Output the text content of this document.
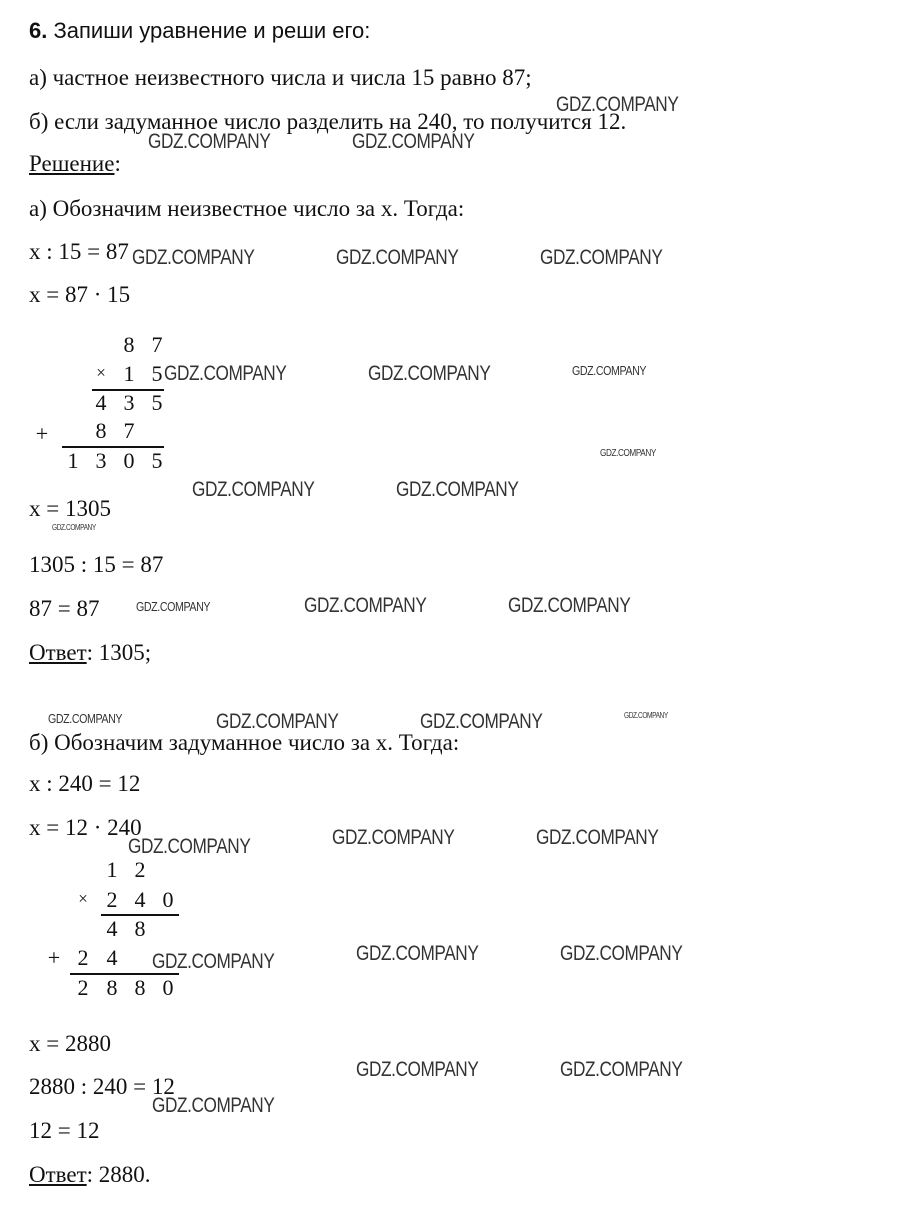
6. Запиши уравнение и реши его:
а) частное неизвестного числа и числа 15 равно 87;
б) если задуманное число разделить на 240, то получится 12.
Решение:
а) Обозначим неизвестное число за x. Тогда:
x : 15 = 87
x = 87 · 15
8 7
× 1 5
4 3 5
+ 8 7
1 3 0 5
x = 1305
1305 : 15 = 87
87 = 87
Ответ: 1305;
б) Обозначим задуманное число за x. Тогда:
x : 240 = 12
x = 12 · 240
1 2
× 2 4 0
4 8
+ 2 4
2 8 8 0
x = 2880
2880 : 240 = 12
12 = 12
Ответ: 2880.
GDZ.COMPANY
GDZ.COMPANY	GDZ.COMPANY
GDZ.COMPANY	GDZ.COMPANY	GDZ.COMPANY
GDZ.COMPANY	GDZ.COMPANY	GDZ.COMPANY
GDZ.COMPANY
GDZ.COMPANY	GDZ.COMPANY
GDZ.COMPANY
GDZ.COMPANY	GDZ.COMPANY	GDZ.COMPANY
GDZ.COMPANY	GDZ.COMPANY	GDZ.COMPANY	GDZ.COMPANY
GDZ.COMPANY	GDZ.COMPANY	GDZ.COMPANY
GDZ.COMPANY	GDZ.COMPANY	GDZ.COMPANY
GDZ.COMPANY	GDZ.COMPANY
GDZ.COMPANY
